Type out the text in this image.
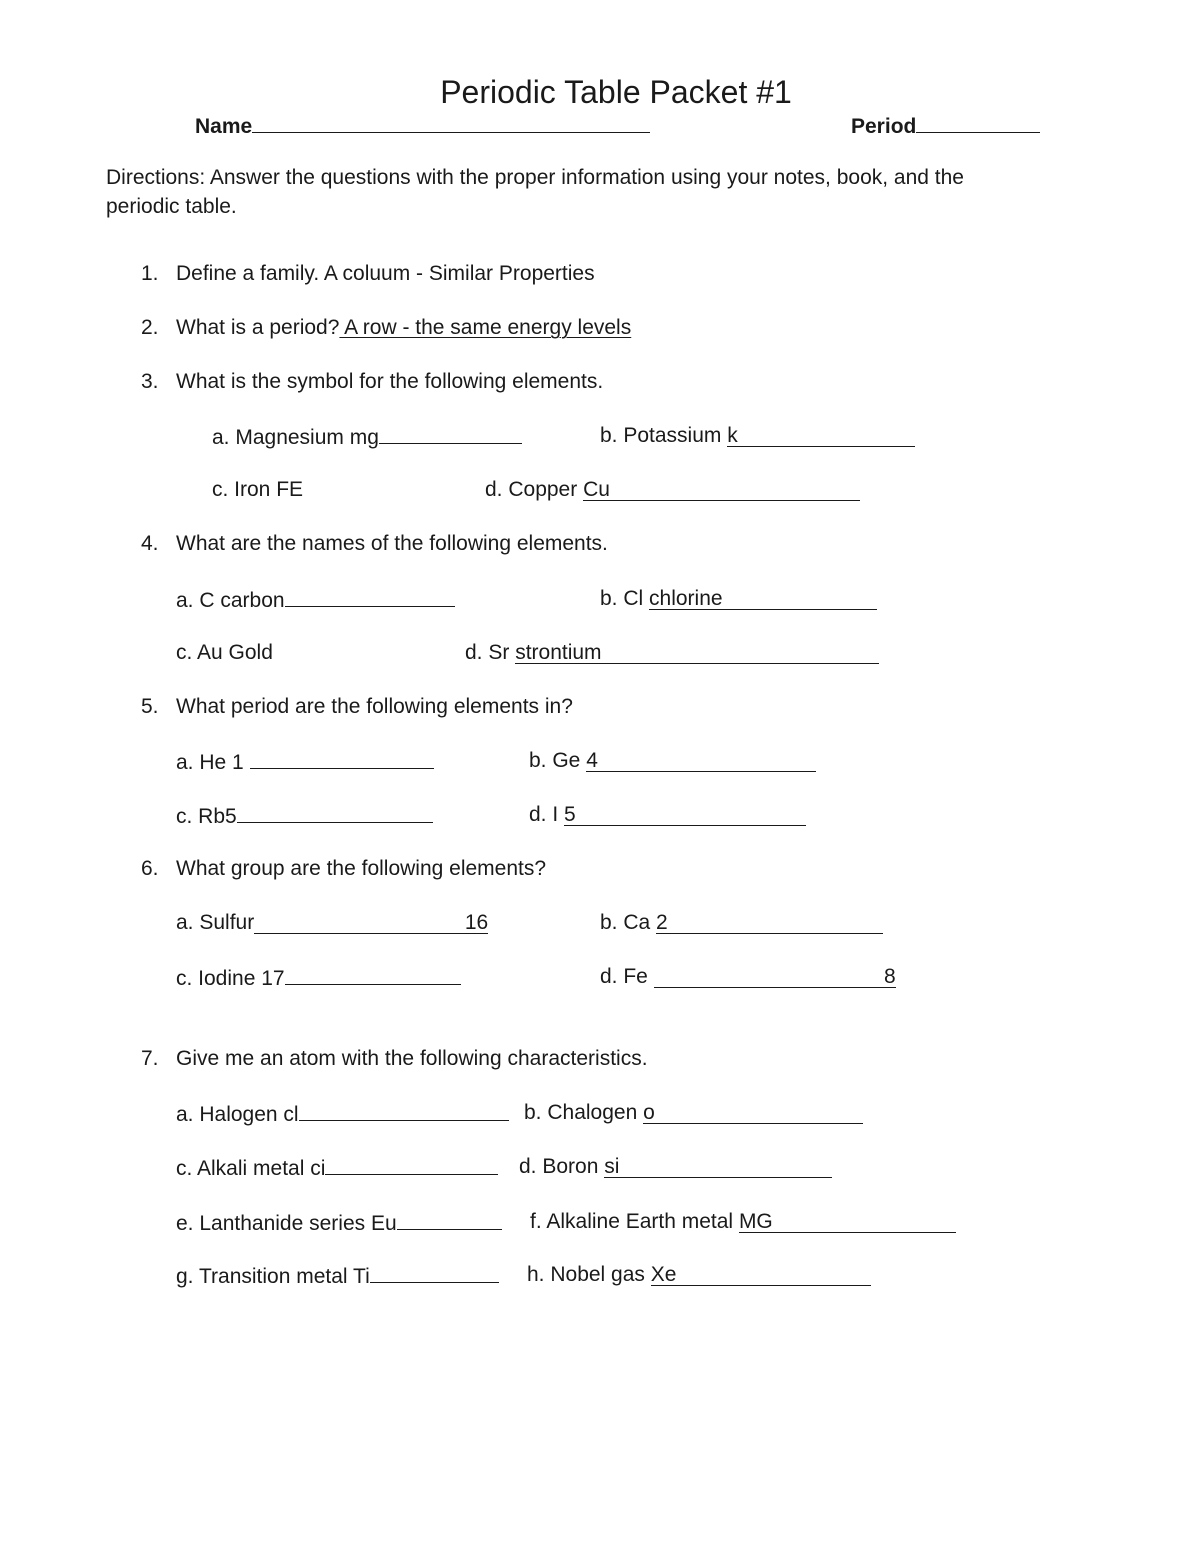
Periodic Table Packet #1
Name	Period
Directions: Answer the questions with the proper information using your notes, book, and the
periodic table.
1. Define a family. A coluum - Similar Properties
2. What is a period? A row - the same energy levels
3. What is the symbol for the following elements.
a. Magnesium mg	b. Potassium k
c. Iron FE	d. Copper Cu
4. What are the names of the following elements.
a. C carbon	b. Cl chlorine
c. Au Gold	d. Sr strontium
5. What period are the following elements in?
a. He 1	b. Ge 4
c. Rb5	d. I 5
6. What group are the following elements?
a. Sulfur	16	b. Ca 2
c. Iodine 17	d. Fe	8
7. Give me an atom with the following characteristics.
a. Halogen cl	b. Chalogen o
c. Alkali metal ci	d. Boron si
e. Lanthanide series Eu	f. Alkaline Earth metal MG
g. Transition metal Ti	h. Nobel gas Xe
